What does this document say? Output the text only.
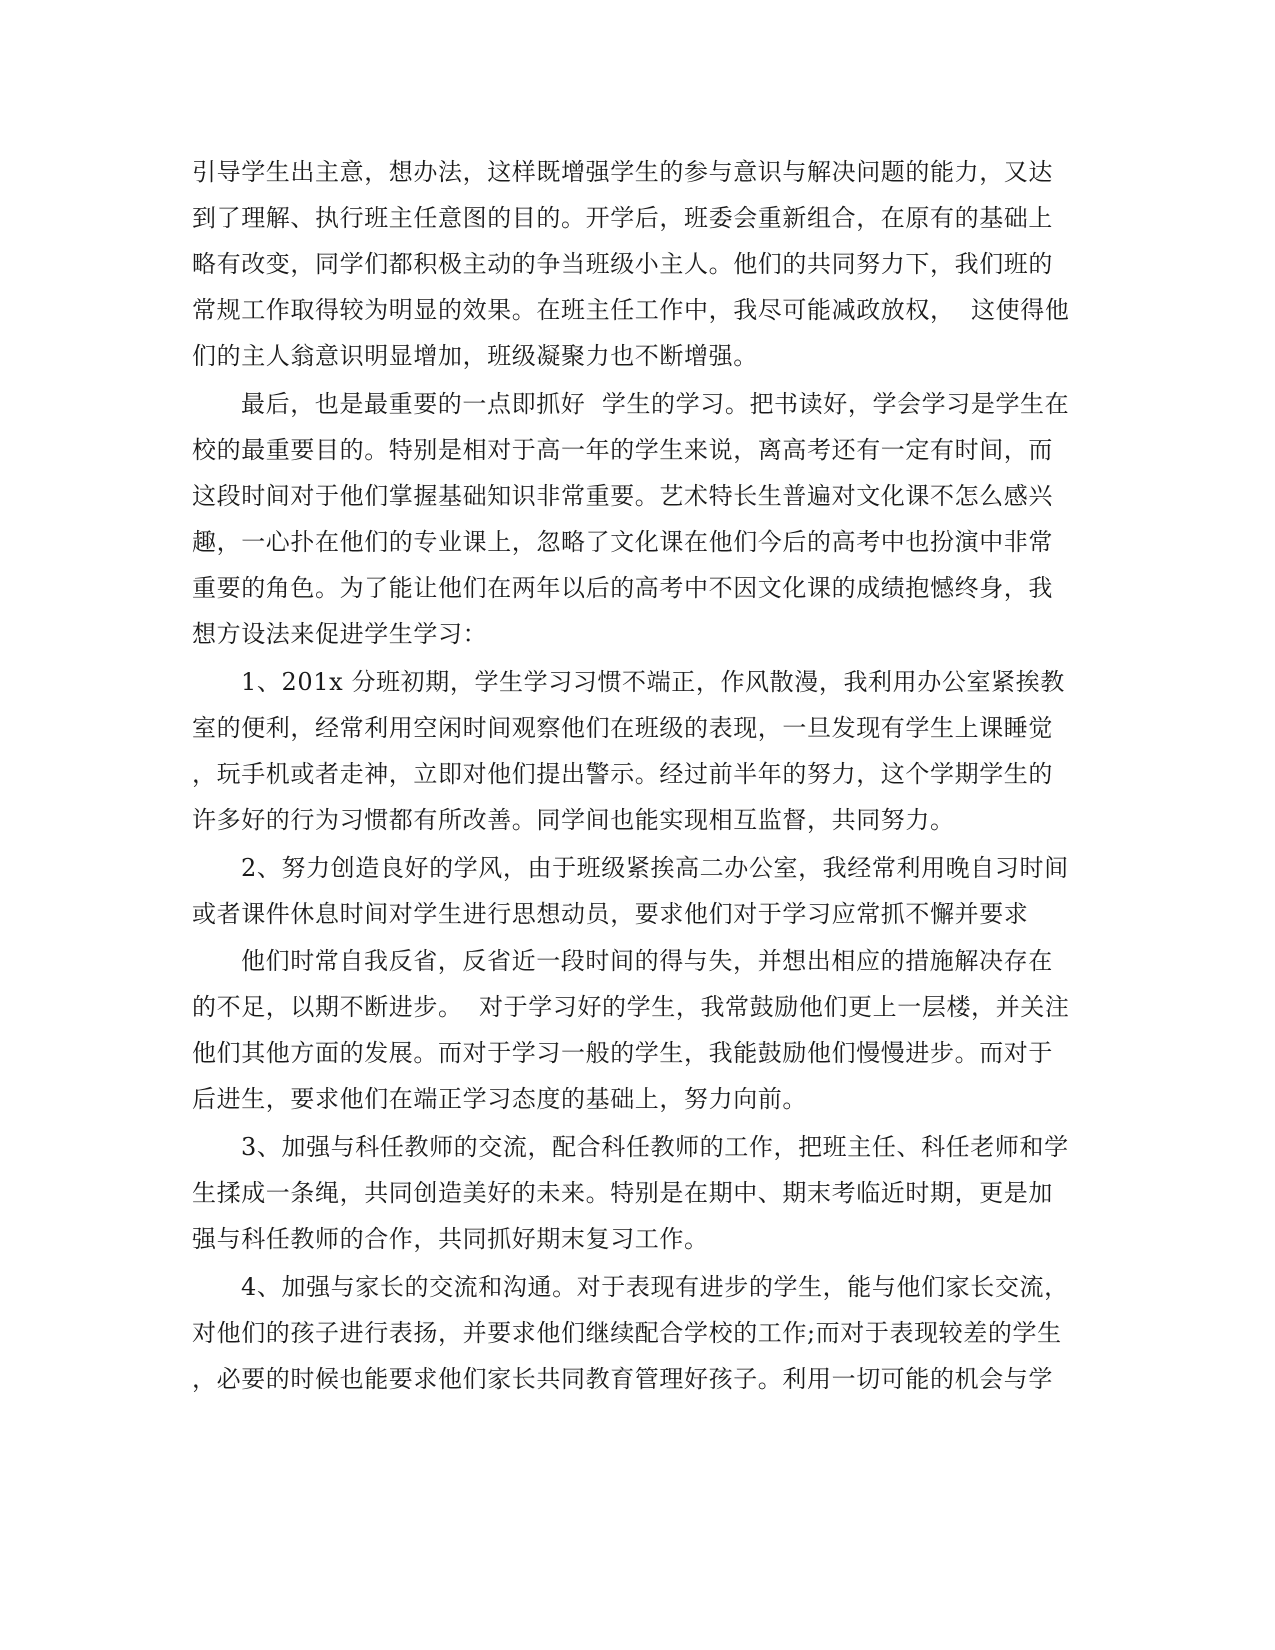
引导学生出主意，想办法，这样既增强学生的参与意识与解决问题的能力，又达
到了理解、执行班主任意图的目的。开学后，班委会重新组合，在原有的基础上
略有改变，同学们都积极主动的争当班级小主人。他们的共同努力下，我们班的
常规工作取得较为明显的效果。在班主任工作中，我尽可能减政放权，  这使得他
们的主人翁意识明显增加，班级凝聚力也不断增强。
最后，也是最重要的一点即抓好  学生的学习。把书读好，学会学习是学生在
校的最重要目的。特别是相对于高一年的学生来说，离高考还有一定有时间，而
这段时间对于他们掌握基础知识非常重要。艺术特长生普遍对文化课不怎么感兴
趣，一心扑在他们的专业课上，忽略了文化课在他们今后的高考中也扮演中非常
重要的角色。为了能让他们在两年以后的高考中不因文化课的成绩抱憾终身，我
想方设法来促进学生学习：
1、201x 分班初期，学生学习习惯不端正，作风散漫，我利用办公室紧挨教
室的便利，经常利用空闲时间观察他们在班级的表现，一旦发现有学生上课睡觉
，玩手机或者走神，立即对他们提出警示。经过前半年的努力，这个学期学生的
许多好的行为习惯都有所改善。同学间也能实现相互监督，共同努力。
2、努力创造良好的学风，由于班级紧挨高二办公室，我经常利用晚自习时间
或者课件休息时间对学生进行思想动员，要求他们对于学习应常抓不懈并要求
他们时常自我反省，反省近一段时间的得与失，并想出相应的措施解决存在
的不足，以期不断进步。  对于学习好的学生，我常鼓励他们更上一层楼，并关注
他们其他方面的发展。而对于学习一般的学生，我能鼓励他们慢慢进步。而对于
后进生，要求他们在端正学习态度的基础上，努力向前。
3、加强与科任教师的交流，配合科任教师的工作，把班主任、科任老师和学
生揉成一条绳，共同创造美好的未来。特别是在期中、期末考临近时期，更是加
强与科任教师的合作，共同抓好期末复习工作。
4、加强与家长的交流和沟通。对于表现有进步的学生，能与他们家长交流，
对他们的孩子进行表扬，并要求他们继续配合学校的工作;而对于表现较差的学生
，必要的时候也能要求他们家长共同教育管理好孩子。利用一切可能的机会与学
